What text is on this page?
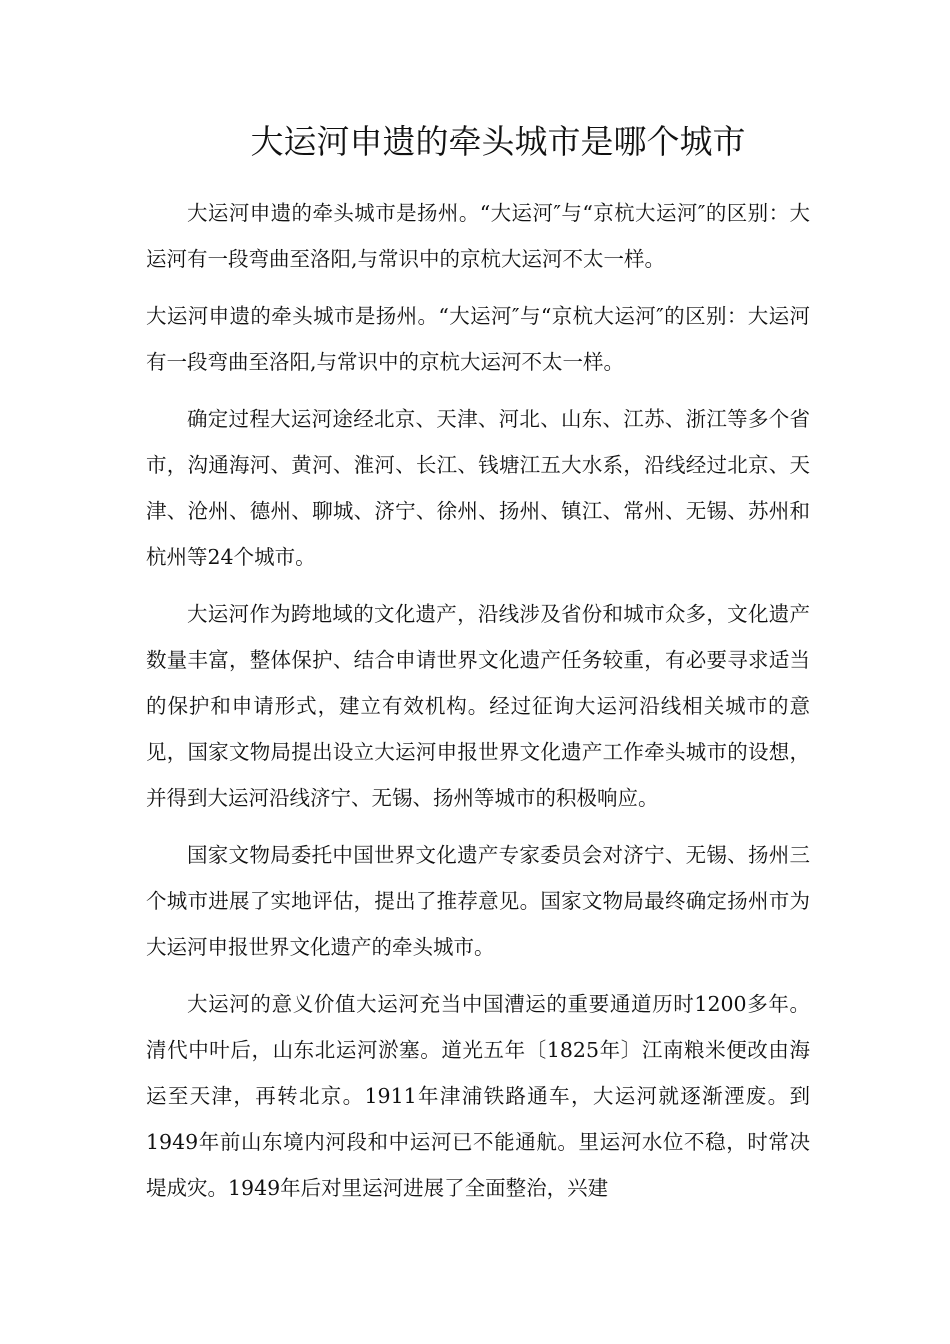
大运河申遗的牵头城市是哪个城市

大运河申遗的牵头城市是扬州。“大运河″与“京杭大运河″的区别：大运河有一段弯曲至洛阳,与常识中的京杭大运河不太一样。

大运河申遗的牵头城市是扬州。“大运河″与“京杭大运河″的区别：大运河有一段弯曲至洛阳,与常识中的京杭大运河不太一样。

确定过程大运河途经北京、天津、河北、山东、江苏、浙江等多个省市，沟通海河、黄河、淮河、长江、钱塘江五大水系，沿线经过北京、天津、沧州、德州、聊城、济宁、徐州、扬州、镇江、常州、无锡、苏州和杭州等24个城市。

大运河作为跨地域的文化遗产，沿线涉及省份和城市众多，文化遗产数量丰富，整体保护、结合申请世界文化遗产任务较重，有必要寻求适当的保护和申请形式，建立有效机构。经过征询大运河沿线相关城市的意见，国家文物局提出设立大运河申报世界文化遗产工作牵头城市的设想，并得到大运河沿线济宁、无锡、扬州等城市的积极响应。

国家文物局委托中国世界文化遗产专家委员会对济宁、无锡、扬州三个城市进展了实地评估，提出了推荐意见。国家文物局最终确定扬州市为大运河申报世界文化遗产的牵头城市。

大运河的意义价值大运河充当中国漕运的重要通道历时1200多年。清代中叶后，山东北运河淤塞。道光五年〔1825年〕江南粮米便改由海运至天津，再转北京。1911年津浦铁路通车，大运河就逐渐湮废。到1949年前山东境内河段和中运河已不能通航。里运河水位不稳，时常决堤成灾。1949年后对里运河进展了全面整治，兴建
